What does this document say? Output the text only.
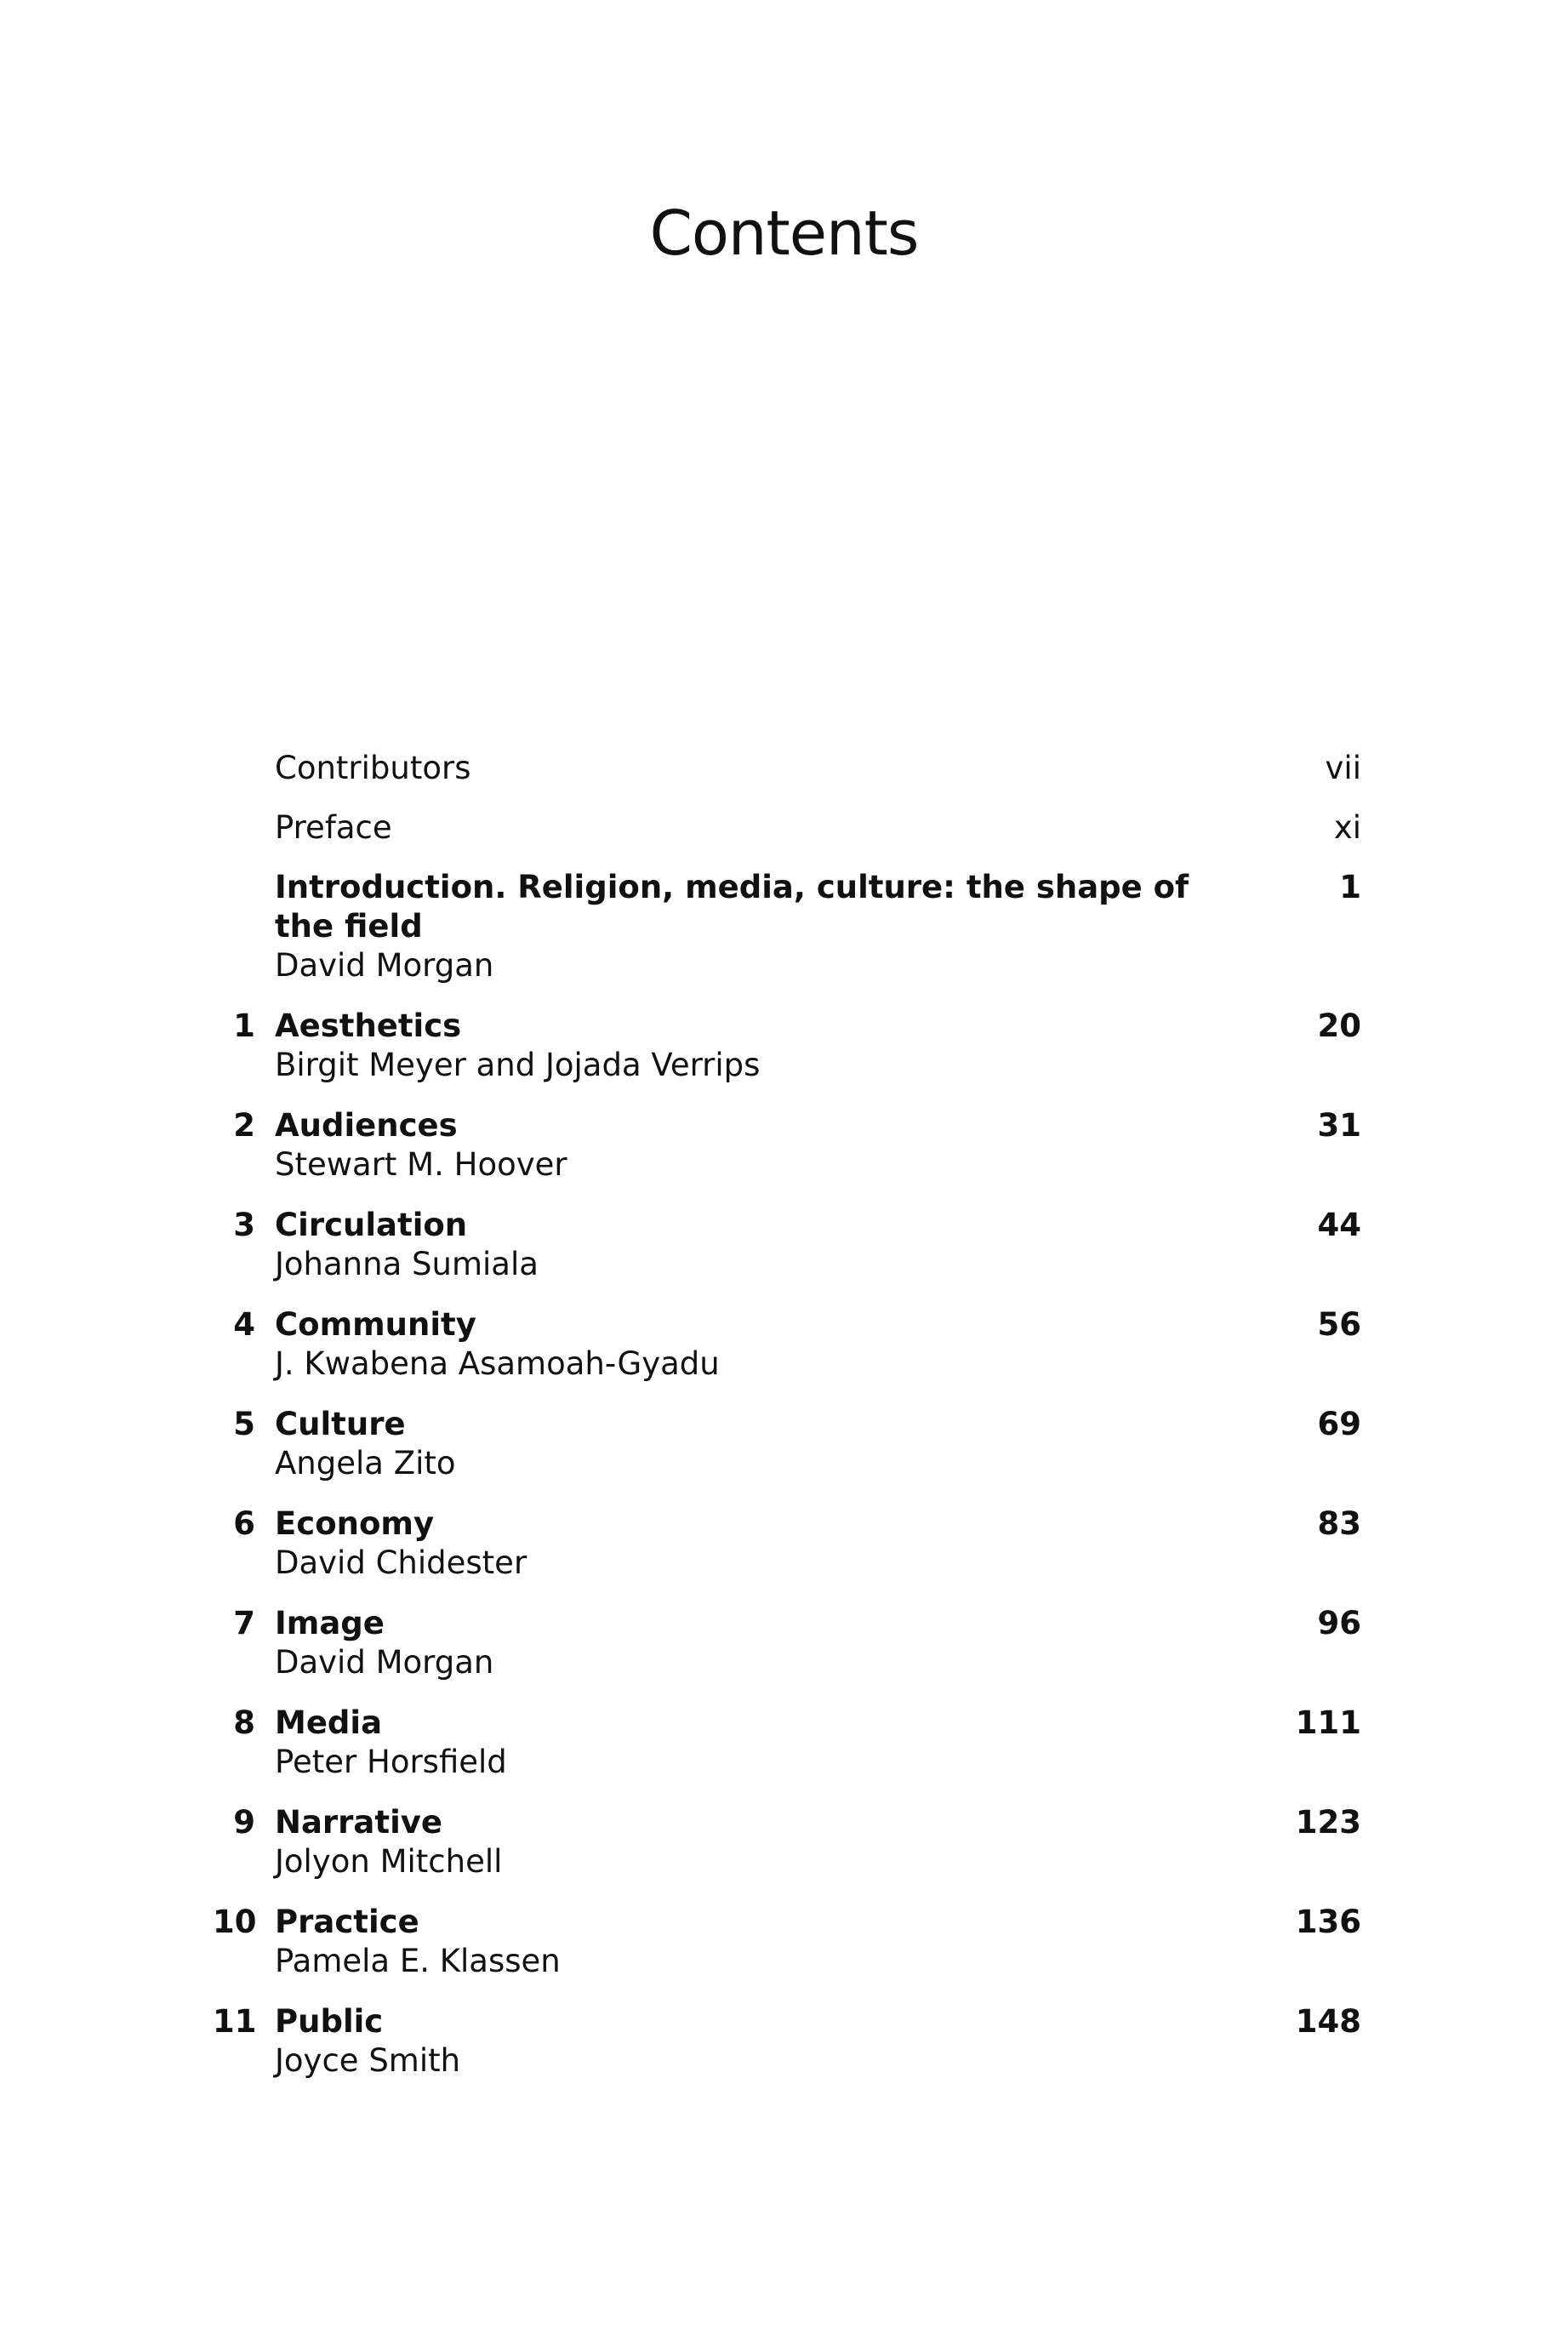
Contents
Contributors	vii
Preface	xi
Introduction. Religion, media, culture: the shape of the field
David Morgan
1
1 Aesthetics
Birgit Meyer and Jojada Verrips
20
2 Audiences
Stewart M. Hoover
31
3 Circulation
Johanna Sumiala
44
4 Community
J. Kwabena Asamoah-Gyadu
56
5 Culture
Angela Zito
69
6 Economy
David Chidester
83
7 Image
David Morgan
96
8 Media
Peter Horsfield
111
9 Narrative
Jolyon Mitchell
123
10 Practice
Pamela E. Klassen
136
11 Public
Joyce Smith
148
